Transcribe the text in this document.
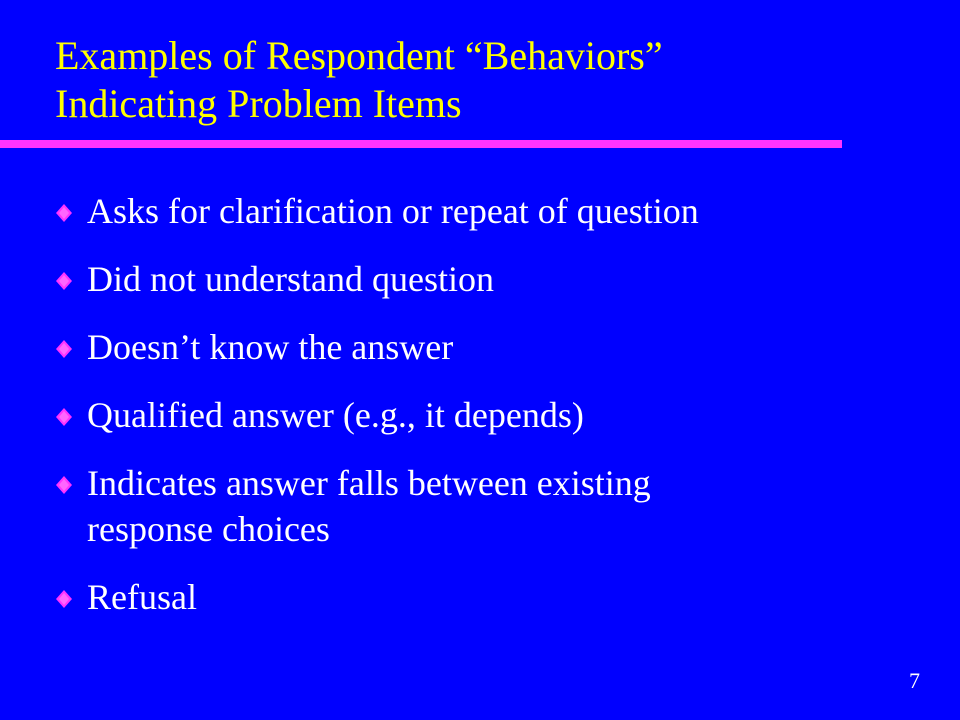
Examples of Respondent “Behaviors”
Indicating Problem Items
Asks for clarification or repeat of question
Did not understand question
Doesn’t know the answer
Qualified answer (e.g., it depends)
Indicates answer falls between existing
response choices
Refusal
7
